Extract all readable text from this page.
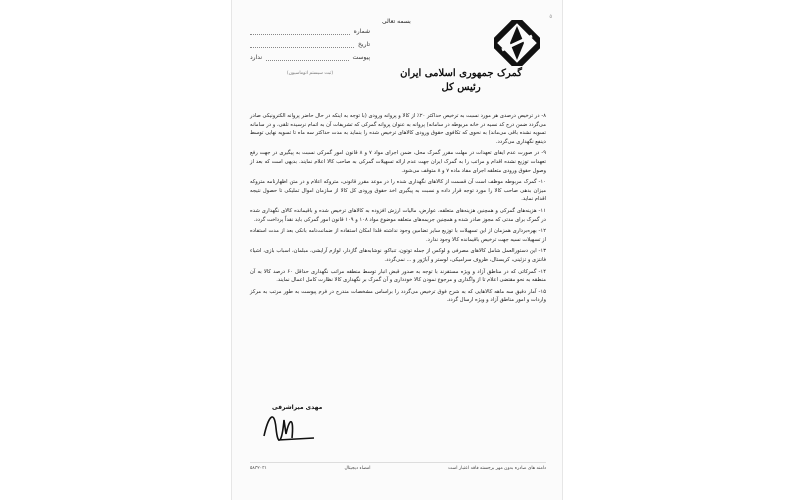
٥
بسمه تعالی
شماره
تاریخ
پیوست
ندارد
(ثبت سیستم اتوماسیون)	گمرک جمهوری اسلامی ایران
رئیس کل

۸- در ترخیص درصدی هر مورد نسبت به ترخیص حداکثر ۲۰٪ از کالا و پروانه ورودی (با توجه به اینکه در حال حاضر پروانه الکترونیکی صادر می‌گردد ضمن درج کد نسیه در خانه مربوطه در سامانه) پروانه به عنوان پروانه گمرکی که تشریفات آن به اتمام نرسیده تلقی، و در سامانه تسویه نشده باقی می‌ماند) به نحوی که تکافوی حقوق ورودی کالاهای ترخیص شده را بنماید به مدت حداکثر سه ماه تا تسویه نهایی توسط ذینفع نگهداری می‌گردد.

۹- در صورت عدم ایفای تعهدات در مهلت مقرر گمرک محل، ضمن اجرای مواد ۷ و ۸ قانون امور گمرکی نسبت به پیگیری در جهت رفع تعهدات توزیع نشده اقدام و مراتب را به گمرک ایران جهت عدم ارائه تسهیلات گمرکی به صاحب کالا اعلام نمایند. بدیهی است که بعد از وصول حقوق ورودی متعلقه اجرای مفاد ماده ۷ و ۸ متوقف می‌شود.

۱۰- گمرک مربوطه موظف است آن قسمت از کالاهای نگهداری شده را در موعد مقرر قانونی، متروکه اعلام و در متن اظهارنامه متروکه میزان بدهی صاحب کالا را مورد توجه قرار داده و نسبت به پیگیری اخذ حقوق ورودی کل کالا از سازمان اموال تملیکی تا حصول نتیجه اقدام نماید.

۱۱- هزینه‌های گمرکی و همچنین هزینه‌های متعلقه، عوارض، مالیات ارزش افزوده به کالاهای ترخیص شده و باقیمانده کالای نگهداری شده در گمرک برای مدتی که مجوز صادر شده و همچنین جریمه‌های متعلقه موضوع مواد ۱۰۸ و ۱۰۹ قانون امور گمرکی باید نقداً پرداخت گردد.

۱۲- بهره‌برداری همزمان از این تسهیلات با توزیع سایر تضامین وجود نداشته فلذا امکان استفاده از ضمانت‌نامه بانکی بعد از مدت استفاده از تسهیلات نسیه جهت ترخیص باقیمانده کالا وجود ندارد.

۱۳- این دستورالعمل شامل کالاهای مصرفی و لوکس از جمله توتون، تنباکو، نوشابه‌های گازدار، لوازم آرایشی، مبلمان، اسباب بازی، اشیاء فانتزی و تزئینی، کریستال، ظروف سرامیکی، لوستر و آباژور و ... نمی‌گردد.

۱۴- گمرکاتی که در مناطق آزاد و ویژه مستقرند با توجه به صدور قبض انبار توسط منطقه مراتب نگهداری حداقل ۶۰ درصد کالا به آن منطقه به نحو مقتضی اعلام تا از واگذاری و مرجوع نمودن کالا خودداری و آن گمرک بر نگهداری کالا نظارت کامل اعمال نمایند.

۱۵- آمار دقیق سه ماهه کالاهایی که به شرح فوق ترخیص می‌گردد را براساس مشخصات مندرج در فرم پیوست به طور مرتب به مرکز واردات و امور مناطق آزاد و ویژه ارسال گردد.

مهدی میراشرفی
دامنه های صادره بدون مهر برجسته فاقد اعتبار است
امضاء دیجیتال
۵۸۳۲۰۳۱
